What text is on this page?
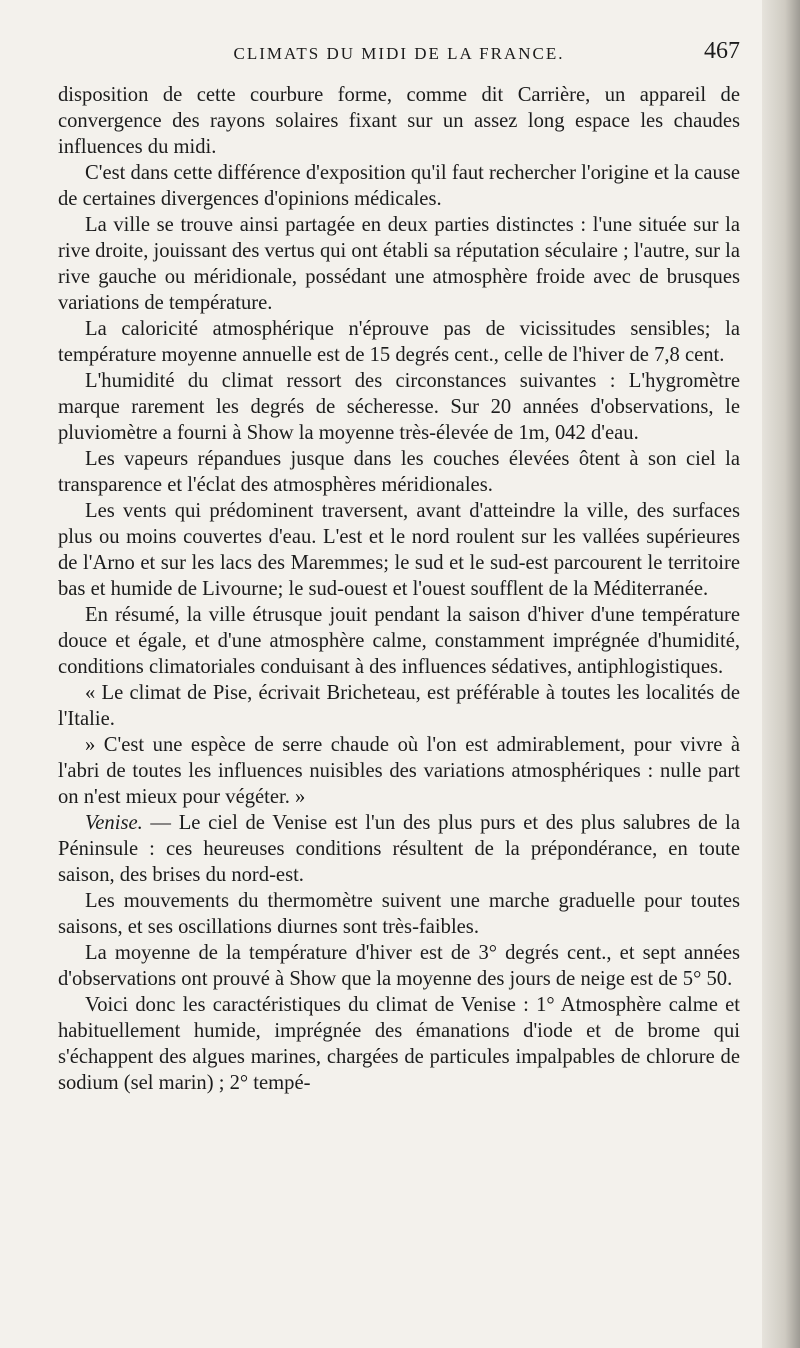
CLIMATS DU MIDI DE LA FRANCE.	467

disposition de cette courbure forme, comme dit Carrière, un appareil de convergence des rayons solaires fixant sur un assez long espace les chaudes influences du midi.

C'est dans cette différence d'exposition qu'il faut rechercher l'origine et la cause de certaines divergences d'opinions médicales.

La ville se trouve ainsi partagée en deux parties distinctes : l'une située sur la rive droite, jouissant des vertus qui ont établi sa réputation séculaire ; l'autre, sur la rive gauche ou méridionale, possédant une atmosphère froide avec de brusques variations de température.

La caloricité atmosphérique n'éprouve pas de vicissitudes sensibles; la température moyenne annuelle est de 15 degrés cent., celle de l'hiver de 7,8 cent.

L'humidité du climat ressort des circonstances suivantes : L'hygromètre marque rarement les degrés de sécheresse. Sur 20 années d'observations, le pluviomètre a fourni à Show la moyenne très-élevée de 1m, 042 d'eau.

Les vapeurs répandues jusque dans les couches élevées ôtent à son ciel la transparence et l'éclat des atmosphères méridionales.

Les vents qui prédominent traversent, avant d'atteindre la ville, des surfaces plus ou moins couvertes d'eau. L'est et le nord roulent sur les vallées supérieures de l'Arno et sur les lacs des Maremmes; le sud et le sud-est parcourent le territoire bas et humide de Livourne; le sud-ouest et l'ouest soufflent de la Méditerranée.

En résumé, la ville étrusque jouit pendant la saison d'hiver d'une température douce et égale, et d'une atmosphère calme, constamment imprégnée d'humidité, conditions climatoriales conduisant à des influences sédatives, antiphlogistiques.

« Le climat de Pise, écrivait Bricheteau, est préférable à toutes les localités de l'Italie.

» C'est une espèce de serre chaude où l'on est admirablement, pour vivre à l'abri de toutes les influences nuisibles des variations atmosphériques : nulle part on n'est mieux pour végéter. »

Venise. — Le ciel de Venise est l'un des plus purs et des plus salubres de la Péninsule : ces heureuses conditions résultent de la prépondérance, en toute saison, des brises du nord-est.

Les mouvements du thermomètre suivent une marche graduelle pour toutes saisons, et ses oscillations diurnes sont très-faibles.

La moyenne de la température d'hiver est de 3° degrés cent., et sept années d'observations ont prouvé à Show que la moyenne des jours de neige est de 5° 50.

Voici donc les caractéristiques du climat de Venise : 1° Atmosphère calme et habituellement humide, imprégnée des émanations d'iode et de brome qui s'échappent des algues marines, chargées de particules impalpables de chlorure de sodium (sel marin) ; 2° tempé-
